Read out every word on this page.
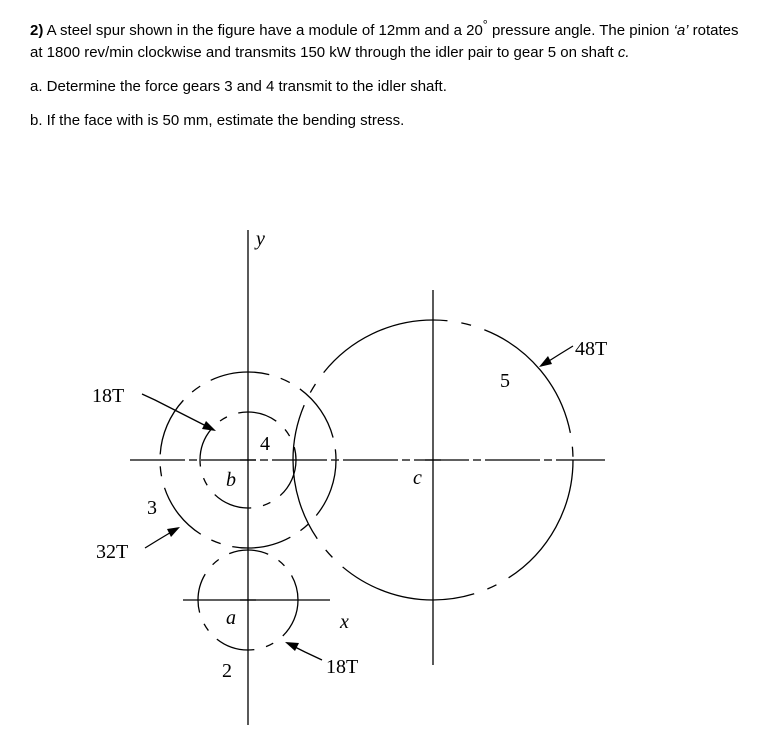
2) A steel spur shown in the figure have a module of 12mm and a 20° pressure angle. The pinion ‘a’ rotates at 1800 rev/min clockwise and transmits 150 kW through the idler pair to gear 5 on shaft c.

a. Determine the force gears 3 and 4 transmit to the idler shaft.

b. If the face with is 50 mm, estimate the bending stress.

y
x
a
b	c
2
3
4
5
18T
32T
18T
48T
